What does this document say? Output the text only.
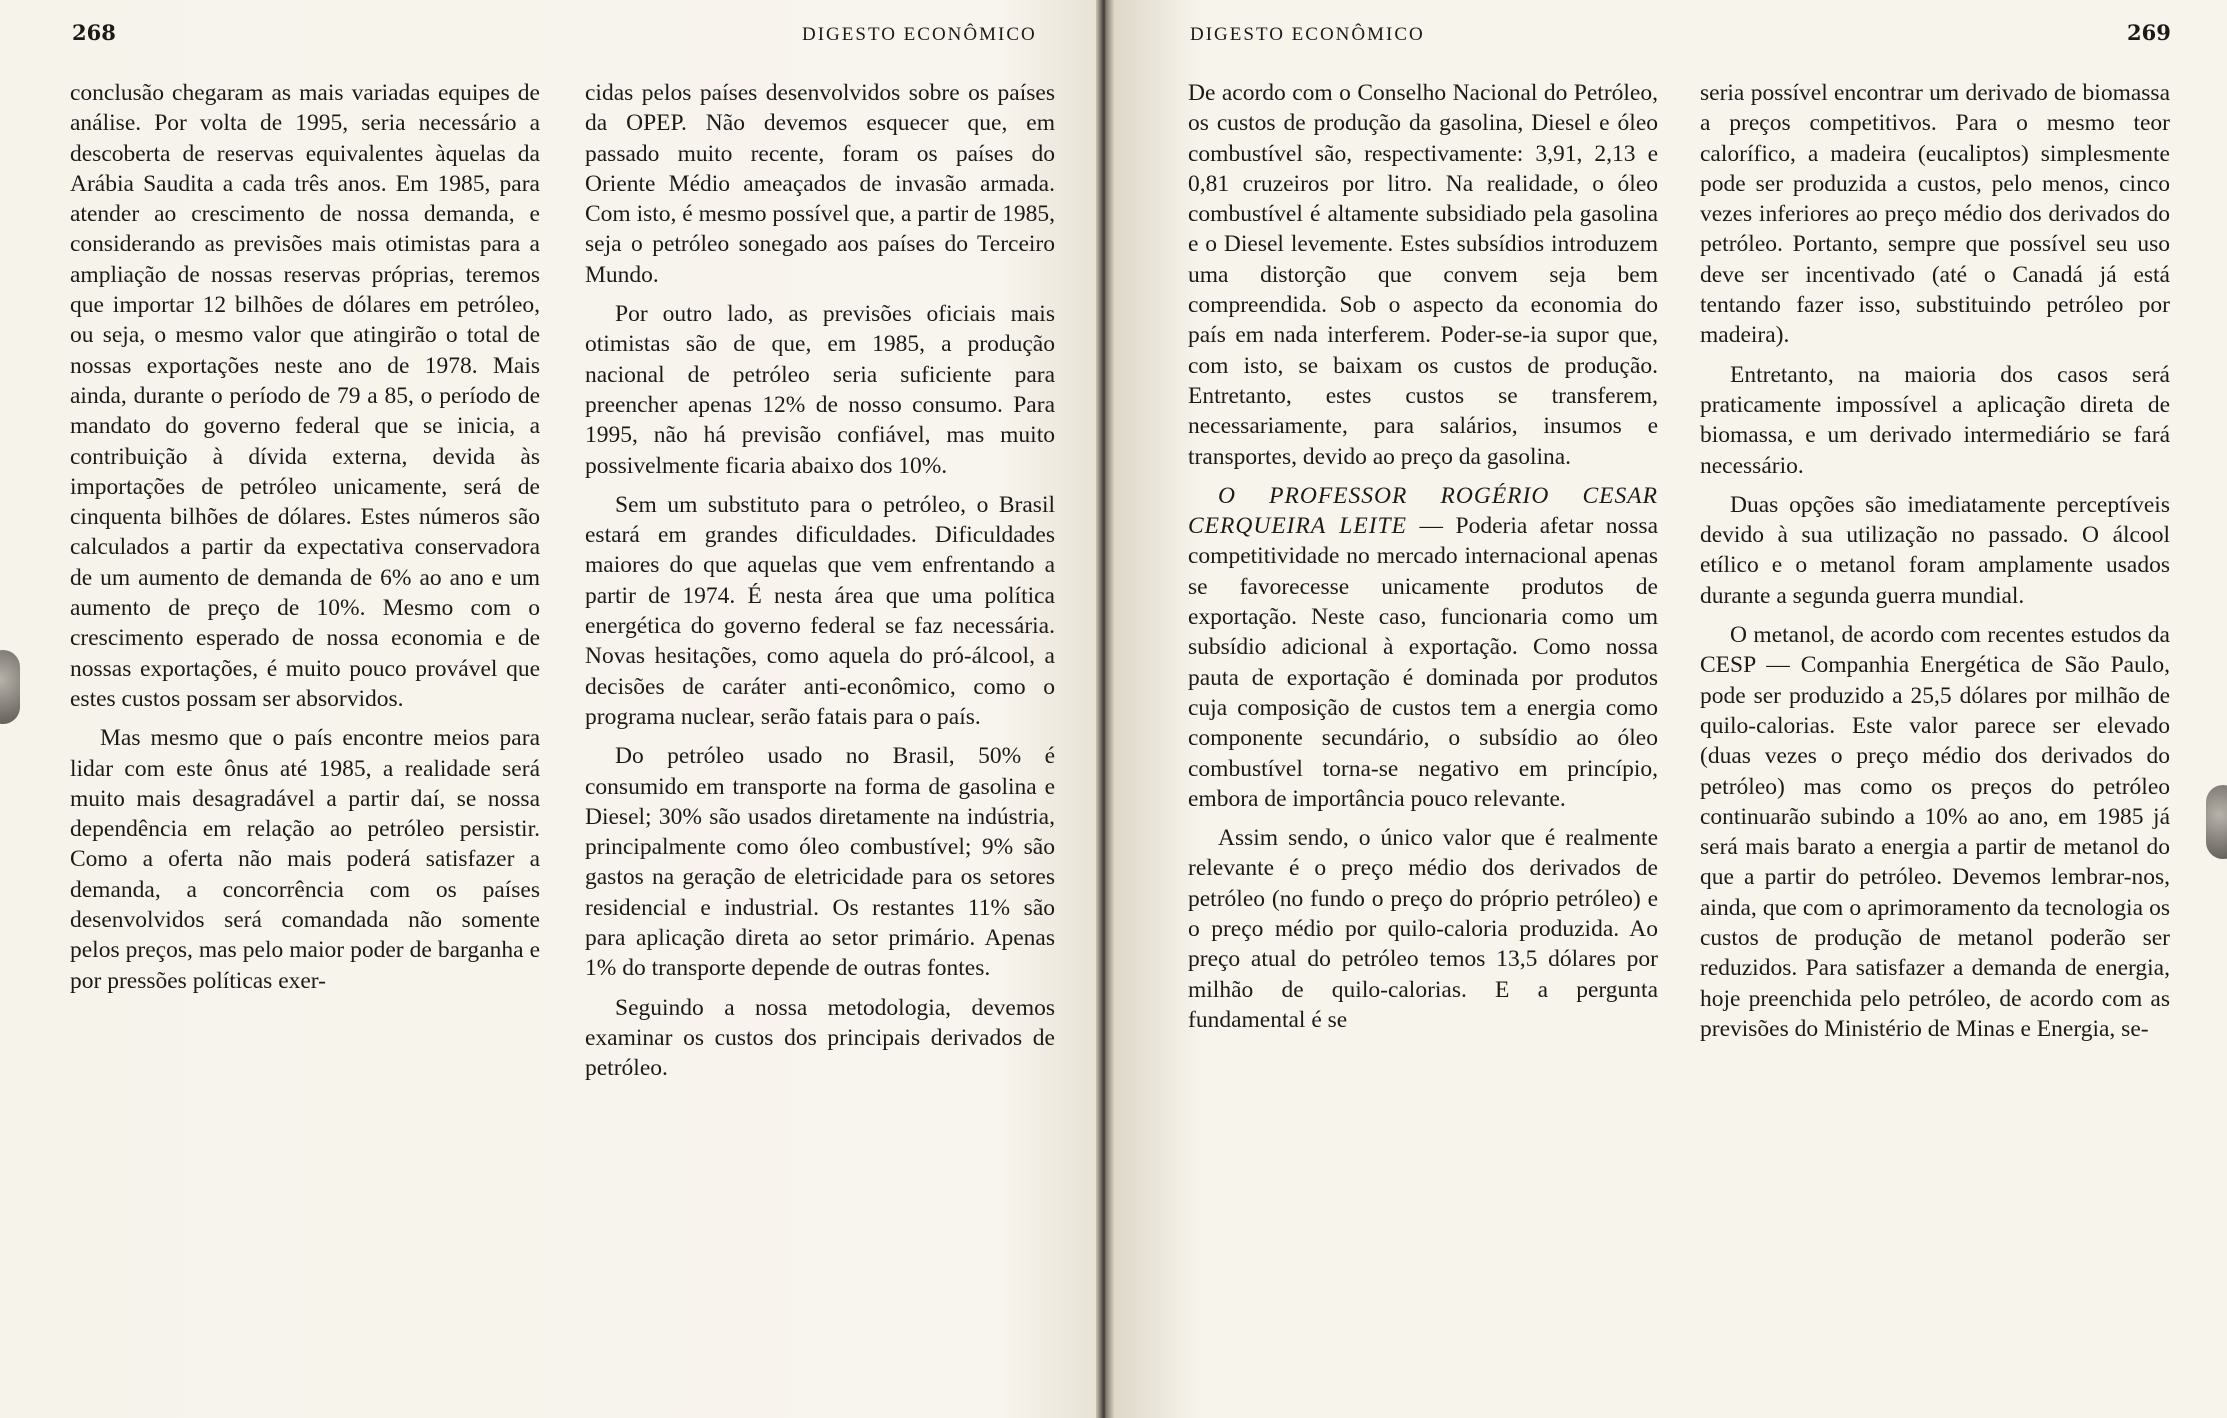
268	DIGESTO ECONÔMICO

conclusão chegaram as mais variadas equipes de análise. Por volta de 1995, seria necessário a descoberta de reservas equivalentes àquelas da Arábia Saudita a cada três anos. Em 1985, para atender ao crescimento de nossa demanda, e considerando as previsões mais otimistas para a ampliação de nossas reservas próprias, teremos que importar 12 bilhões de dólares em petróleo, ou seja, o mesmo valor que atingirão o total de nossas exportações neste ano de 1978. Mais ainda, durante o período de 79 a 85, o período de mandato do governo federal que se inicia, a contribuição à dívida externa, devida às importações de petróleo unicamente, será de cinquenta bilhões de dólares. Estes números são calculados a partir da expectativa conservadora de um aumento de demanda de 6% ao ano e um aumento de preço de 10%. Mesmo com o crescimento esperado de nossa economia e de nossas exportações, é muito pouco provável que estes custos possam ser absorvidos.

Mas mesmo que o país encontre meios para lidar com este ônus até 1985, a realidade será muito mais desagradável a partir daí, se nossa dependência em relação ao petróleo persistir. Como a oferta não mais poderá satisfazer a demanda, a concorrência com os países desenvolvidos será comandada não somente pelos preços, mas pelo maior poder de barganha e por pressões políticas exer-

cidas pelos países desenvolvidos sobre os países da OPEP. Não devemos esquecer que, em passado muito recente, foram os países do Oriente Médio ameaçados de invasão armada. Com isto, é mesmo possível que, a partir de 1985, seja o petróleo sonegado aos países do Terceiro Mundo.

Por outro lado, as previsões oficiais mais otimistas são de que, em 1985, a produção nacional de petróleo seria suficiente para preencher apenas 12% de nosso consumo. Para 1995, não há previsão confiável, mas muito possivelmente ficaria abaixo dos 10%.

Sem um substituto para o petróleo, o Brasil estará em grandes dificuldades. Dificuldades maiores do que aquelas que vem enfrentando a partir de 1974. É nesta área que uma política energética do governo federal se faz necessária. Novas hesitações, como aquela do pró-álcool, a decisões de caráter anti-econômico, como o programa nuclear, serão fatais para o país.

Do petróleo usado no Brasil, 50% é consumido em transporte na forma de gasolina e Diesel; 30% são usados diretamente na indústria, principalmente como óleo combustível; 9% são gastos na geração de eletricidade para os setores residencial e industrial. Os restantes 11% são para aplicação direta ao setor primário. Apenas 1% do transporte depende de outras fontes.

Seguindo a nossa metodologia, devemos examinar os custos dos principais derivados de petróleo.

DIGESTO ECONÔMICO	269

De acordo com o Conselho Nacional do Petróleo, os custos de produção da gasolina, Diesel e óleo combustível são, respectivamente: 3,91, 2,13 e 0,81 cruzeiros por litro. Na realidade, o óleo combustível é altamente subsidiado pela gasolina e o Diesel levemente. Estes subsídios introduzem uma distorção que convem seja bem compreendida. Sob o aspecto da economia do país em nada interferem. Poder-se-ia supor que, com isto, se baixam os custos de produção. Entretanto, estes custos se transferem, necessariamente, para salários, insumos e transportes, devido ao preço da gasolina.

O PROFESSOR ROGÉRIO CESAR CERQUEIRA LEITE — Poderia afetar nossa competitividade no mercado internacional apenas se favorecesse unicamente produtos de exportação. Neste caso, funcionaria como um subsídio adicional à exportação. Como nossa pauta de exportação é dominada por produtos cuja composição de custos tem a energia como componente secundário, o subsídio ao óleo combustível torna-se negativo em princípio, embora de importância pouco relevante.

Assim sendo, o único valor que é realmente relevante é o preço médio dos derivados de petróleo (no fundo o preço do próprio petróleo) e o preço médio por quilo-caloria produzida. Ao preço atual do petróleo temos 13,5 dólares por milhão de quilo-calorias. E a pergunta fundamental é se

seria possível encontrar um derivado de biomassa a preços competitivos. Para o mesmo teor calorífico, a madeira (eucaliptos) simplesmente pode ser produzida a custos, pelo menos, cinco vezes inferiores ao preço médio dos derivados do petróleo. Portanto, sempre que possível seu uso deve ser incentivado (até o Canadá já está tentando fazer isso, substituindo petróleo por madeira).

Entretanto, na maioria dos casos será praticamente impossível a aplicação direta de biomassa, e um derivado intermediário se fará necessário.

Duas opções são imediatamente perceptíveis devido à sua utilização no passado. O álcool etílico e o metanol foram amplamente usados durante a segunda guerra mundial.

O metanol, de acordo com recentes estudos da CESP — Companhia Energética de São Paulo, pode ser produzido a 25,5 dólares por milhão de quilo-calorias. Este valor parece ser elevado (duas vezes o preço médio dos derivados do petróleo) mas como os preços do petróleo continuarão subindo a 10% ao ano, em 1985 já será mais barato a energia a partir de metanol do que a partir do petróleo. Devemos lembrar-nos, ainda, que com o aprimoramento da tecnologia os custos de produção de metanol poderão ser reduzidos. Para satisfazer a demanda de energia, hoje preenchida pelo petróleo, de acordo com as previsões do Ministério de Minas e Energia, se-
